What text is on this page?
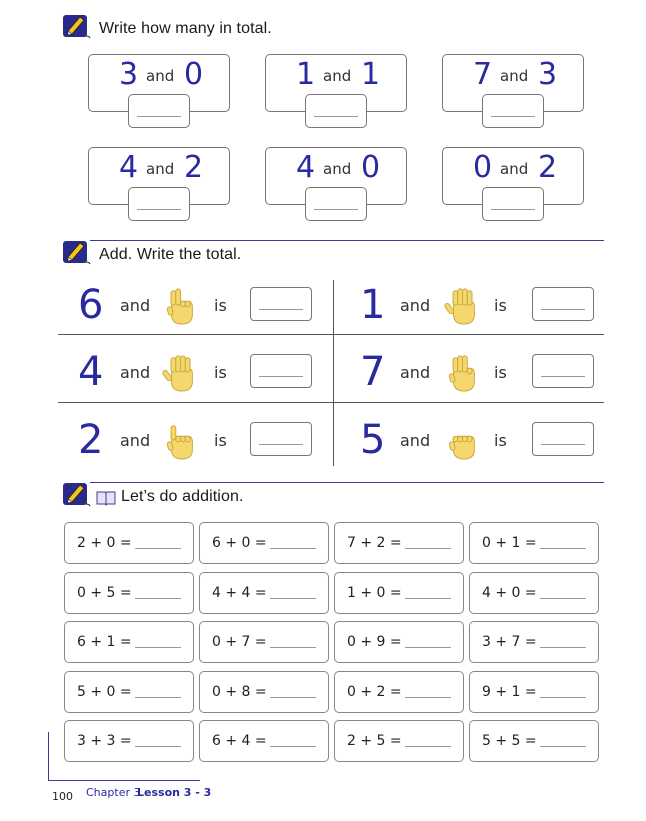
Write how many in total.
3 and 0	1 and 1	7 and 3
4 and 2	4 and 0	0 and 2
Add. Write the total.
6 and	is	1 and	is
4 and	is	7 and	is
2 and	is	5 and	is
Let’s do addition.
2 + 0 =	6 + 0 =	7 + 2 =	0 + 1 =
0 + 5 =	4 + 4 =	1 + 0 =	4 + 0 =
6 + 1 =	0 + 7 =	0 + 9 =	3 + 7 =
5 + 0 =	0 + 8 =	0 + 2 =	9 + 1 =
3 + 3 =	6 + 4 =	2 + 5 =	5 + 5 =
100 Chapter 3
Lesson 3 - 3
